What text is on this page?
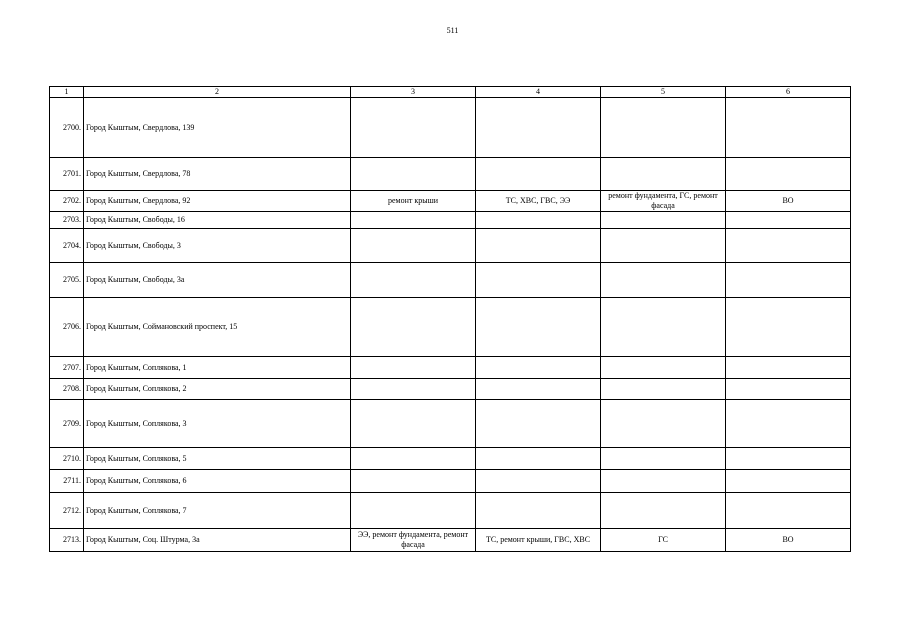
511
1	2	3	4	5	6
2700.	Город Кыштым, Свердлова, 139				
2701.	Город Кыштым, Свердлова, 78				
2702.	Город Кыштым, Свердлова, 92	ремонт крыши	ТС, ХВС, ГВС, ЭЭ	ремонт фундамента, ГС, ремонт фасада	ВО
2703.	Город Кыштым, Свободы, 16				
2704.	Город Кыштым, Свободы, 3				
2705.	Город Кыштым, Свободы, 3а				
2706.	Город Кыштым, Соймановский проспект, 15				
2707.	Город Кыштым, Соплякова, 1				
2708.	Город Кыштым, Соплякова, 2				
2709.	Город Кыштым, Соплякова, 3				
2710.	Город Кыштым, Соплякова, 5				
2711.	Город Кыштым, Соплякова, 6				
2712.	Город Кыштым, Соплякова, 7				
2713.	Город Кыштым, Соц. Штурма, 3а	ЭЭ, ремонт фундамента, ремонт фасада	ТС, ремонт крыши, ГВС, ХВС	ГС	ВО
